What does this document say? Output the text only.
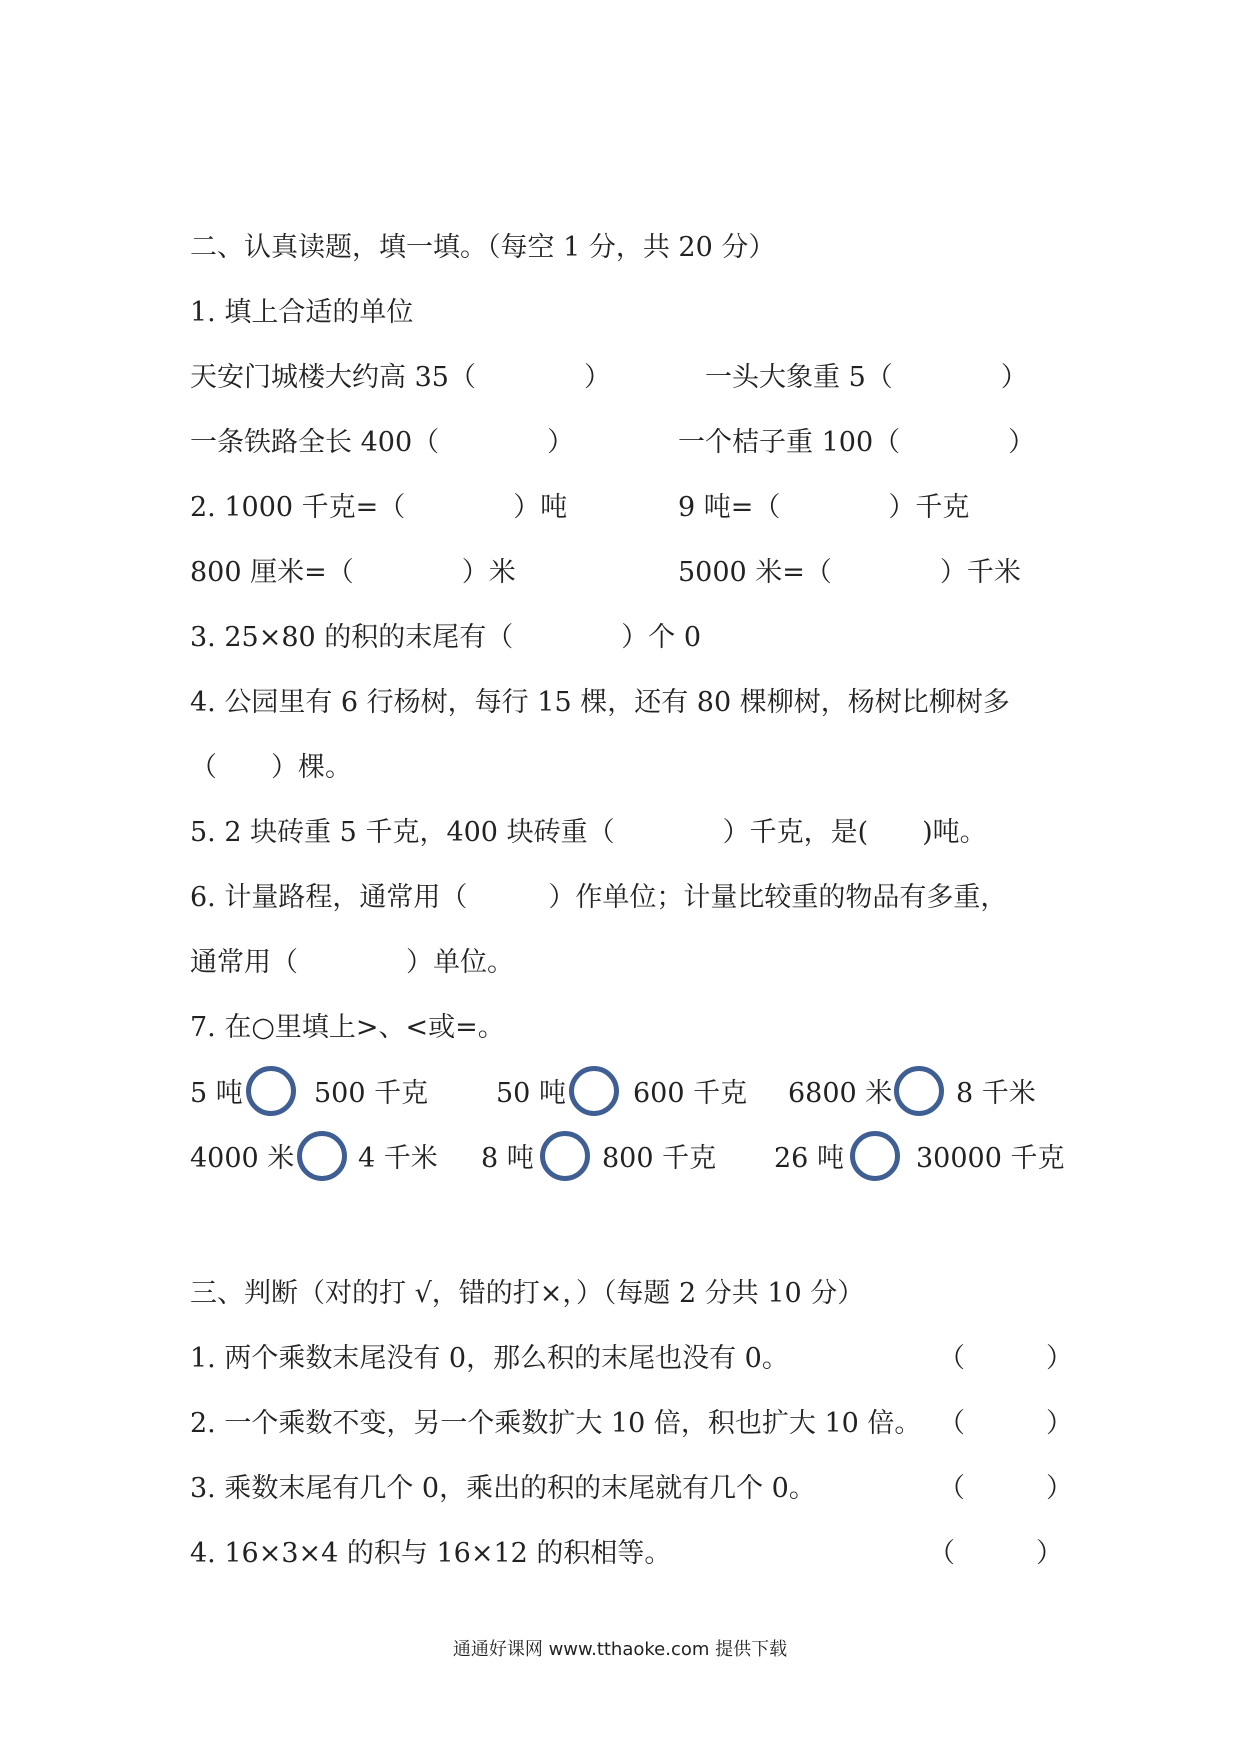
二、认真读题，填一填。（每空 1 分，共 20 分）

1. 填上合适的单位

天安门城楼大约高 35（　　　　）

	一头大象重 5（　　　　）

一条铁路全长 400（　　　　）

	一个桔子重 100（　　　　）

2. 1000 千克=（　　　　）吨

	9 吨=（　　　　）千克

800 厘米=（　　　　）米

	5000 米=（　　　　）千米

3. 25×80 的积的末尾有（　　　　）个 0

4. 公园里有 6 行杨树，每行 15 棵，还有 80 棵柳树，杨树比柳树多

（　　）棵。

5. 2 块砖重 5 千克，400 块砖重（　　　　）千克，是(　　)吨。

6. 计量路程，通常用（　　　）作单位；计量比较重的物品有多重，

通常用（　　　　）单位。

7. 在○里填上>、<或=。

5 吨

	500 千克

	50 吨

600 千克

6800 米

8 千米

4000 米

4 千米

8 吨

	800 千克

26 吨

	30000 千克

三、判断（对的打 √，错的打×，）（每题 2 分共 10 分）

1. 两个乘数末尾没有 0，那么积的末尾也没有 0。

	（　　　）

2. 一个乘数不变，另一个乘数扩大 10 倍，积也扩大 10 倍。

（　　　）

3. 乘数末尾有几个 0，乘出的积的末尾就有几个 0。

	（　　　）

4. 16×3×4 的积与 16×12 的积相等。

	（　　　）

通通好课网 www.tthaoke.com 提供下载
